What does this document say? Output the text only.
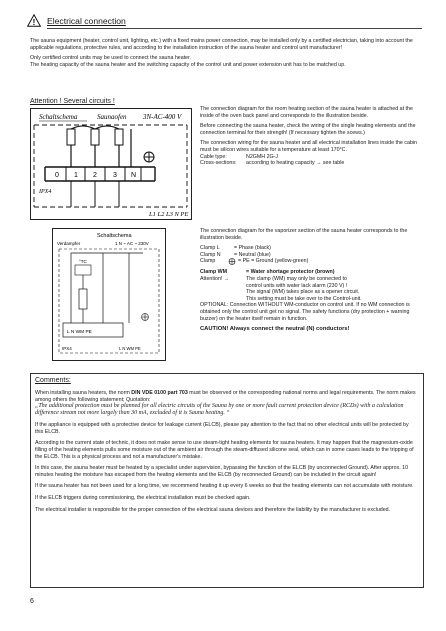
! Electrical connection

The sauna equipment (heater, control unit, lighting, etc.) with a fixed mains power connection, may be installed only by a certified electrician, taking into account the applicable regulations, protective rules, and according to the installation instruction of the sauna heater and control unit manufacturer!

Only certified control units may be used to connect the sauna heater.

The heating capacity of the sauna heater and the switching capacity of the control unit and power extension unit has to be matched up.

Attention ! Several circuits !
Schaltschema	Saunaofen 3N-AC-400 V
0 1 2 3 N
IPX4
L1 L2 L3 N PE

The connection diagram for the room heating section of the sauna heater is attached at the inside of the oven back panel and corresponds to the illustration beside.

Before connecting the sauna heater, check the wiring of the single heating elements and the connection terminal for their strength! (If necessary tighten the scews.)

The connection wiring for the sauna heater and all electrical installation lines inside the cabin must be silicon wires suitable for a temperature at least 170°C.

Cable type:	N2GMH 2G-J
Cross-sections:	according to heating capacity → see table
Schaltschema
Verdampfer	1 N ~ AC ~ 230V
°TC
L N WM PE
IPX4	L N WM PE

The connection diagram for the vaporizer section of the sauna heater corresponds to the illustration beside.

Clamp L	= Phase (black)
Clamp N	= Neutral (blue)
Clamp	= PE = Ground (yellow-green)
Clamp WM	= Water shortage protector (brown)
Attention! →	The clamp (WM) may only be connected to
control units with water lack alarm (230 V) !
The signal (WM) takes place as a opener circuit.
This setting must be take over to the Control-unit.

OPTIONAL: Connection WITHOUT WM-conductor on control unit. If no WM connection is obtained only the control unit get no signal. The safety functions (dry protection + warning buzzer) on the heater itself remain in function.

CAUTION! Always connect the neutral (N) conductors!

Comments:

When installing sauna heaters, the norm DIN VDE 0100 part 703 must be observed or the corresponding national norms and legal requirements. The norm makes among others the following statement; Quotation:

„The additional protection must be planned for all electric circuits of the Sauna by one or more fault current protection device (RCDs) with a calculation difference stream not more largely than 30 mA, excluded of it is Sauna heating. “

If the appliance is equipped with a protective device for leakage current (ELCB), please pay attention to the fact that no other electrical units will be protected by this ELCB.

According to the current state of technic, it does not make sense to use steam-tight heating elements for sauna heaters. It may happen that the magnesium-oxide filling of the heating elements pulls some moisture out of the ambient air through the steam-diffused silicone seal, which can in some cases leads to the tripping of the ELCB. This is a physical process and not a manufacturer's mistake.

In this case, the sauna heater must be heated by a specialist under supervision, bypassing the function of the ELCB (by unconnected Ground). After approx. 10 minutes heating the moisture has escaped from the heating elements and the ELCB (by reconnected Ground) can be included in the circuit again!

If the sauna heater has not been used for a long time, we recommend heating it up every 6 weeks so that the heating elements can not accumulate with moisture.

If the ELCB triggers during commissioning, the electrical installation must be checked again.

The electrical installer is responsible for the proper connection of the electrical sauna devices and therefore the liability by the manufacturer is excluded.

6
